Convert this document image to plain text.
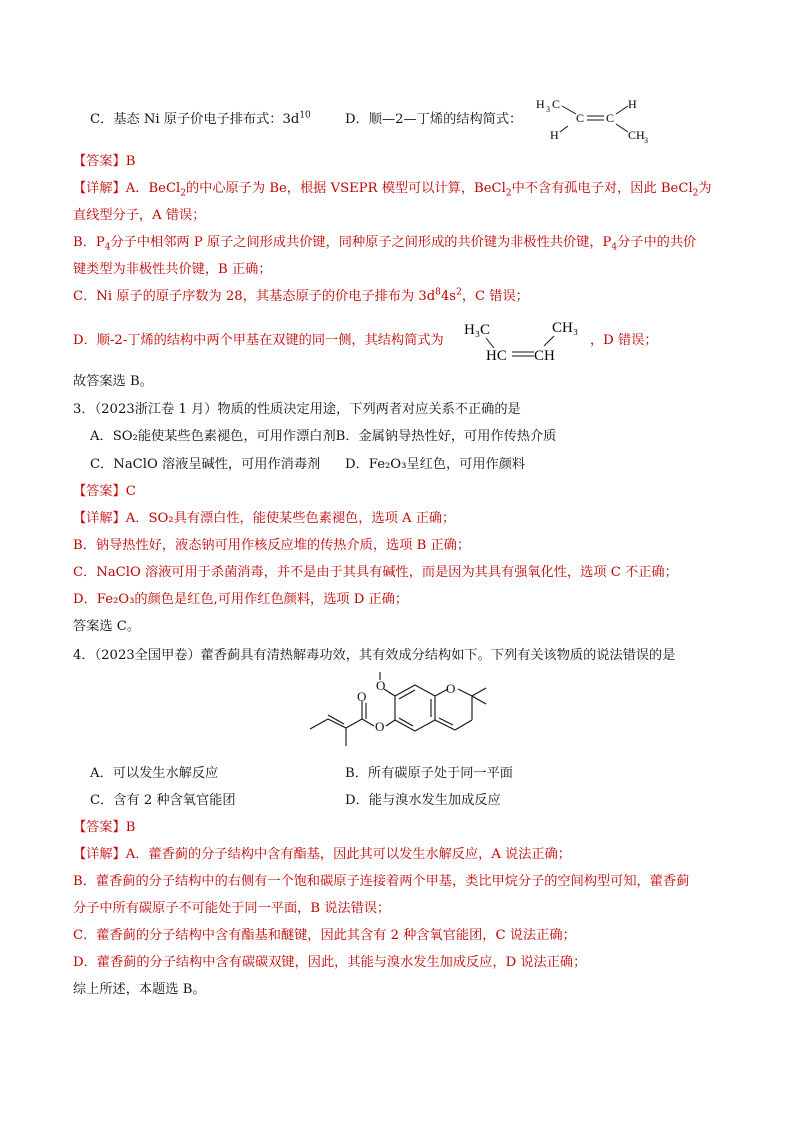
C．基态 Ni 原子价电子排布式：$3d^{10}$	D．顺—2—丁烯的结构简式：
H 3 C
C C
H
H	CH 3
【答案】B
【详解】A．BeCl$_2$的中心原子为 Be，根据 VSEPR 模型可以计算，BeCl$_2$中不含有孤电子对，因此 BeCl$_2$为
直线型分子，A 错误；
B．$P_4$分子中相邻两 P 原子之间形成共价键，同种原子之间形成的共价键为非极性共价键，$P_4$分子中的共价
键类型为非极性共价键，B 正确；
C．Ni 原子的原子序数为 28，其基态原子的价电子排布为 $3d^84s^2$，C 错误；
D．顺-2-丁烯的结构中两个甲基在双键的同一侧，其结构简式为
H₃C
HC CH
CH₃
，D 错误；
故答案选 B。
3．（2023浙江卷 1 月）物质的性质决定用途，下列两者对应关系不正确的是
A．SO₂能使某些色素褪色，可用作漂白剂B．金属钠导热性好，可用作传热介质
C．NaClO 溶液呈碱性，可用作消毒剂 D．Fe₂O₃呈红色，可用作颜料
【答案】C
【详解】A．SO₂具有漂白性，能使某些色素褪色，选项 A 正确；
B．钠导热性好，液态钠可用作核反应堆的传热介质，选项 B 正确；
C．NaClO 溶液可用于杀菌消毒，并不是由于其具有碱性，而是因为其具有强氧化性，选项 C 不正确；
D．Fe₂O₃的颜色是红色,可用作红色颜料，选项 D 正确；
答案选 C。
4．（2023全国甲卷）藿香蓟具有清热解毒功效，其有效成分结构如下。下列有关该物质的说法错误的是
O	O
O
O
A．可以发生水解反应	B．所有碳原子处于同一平面
C．含有 2 种含氧官能团	D．能与溴水发生加成反应
【答案】B
【详解】A．藿香蓟的分子结构中含有酯基，因此其可以发生水解反应，A 说法正确；
B．藿香蓟的分子结构中的右侧有一个饱和碳原子连接着两个甲基，类比甲烷分子的空间构型可知，藿香蓟
分子中所有碳原子不可能处于同一平面，B 说法错误；
C．藿香蓟的分子结构中含有酯基和醚键，因此其含有 2 种含氧官能团，C 说法正确；
D．藿香蓟的分子结构中含有碳碳双键，因此，其能与溴水发生加成反应，D 说法正确；
综上所述，本题选 B。
